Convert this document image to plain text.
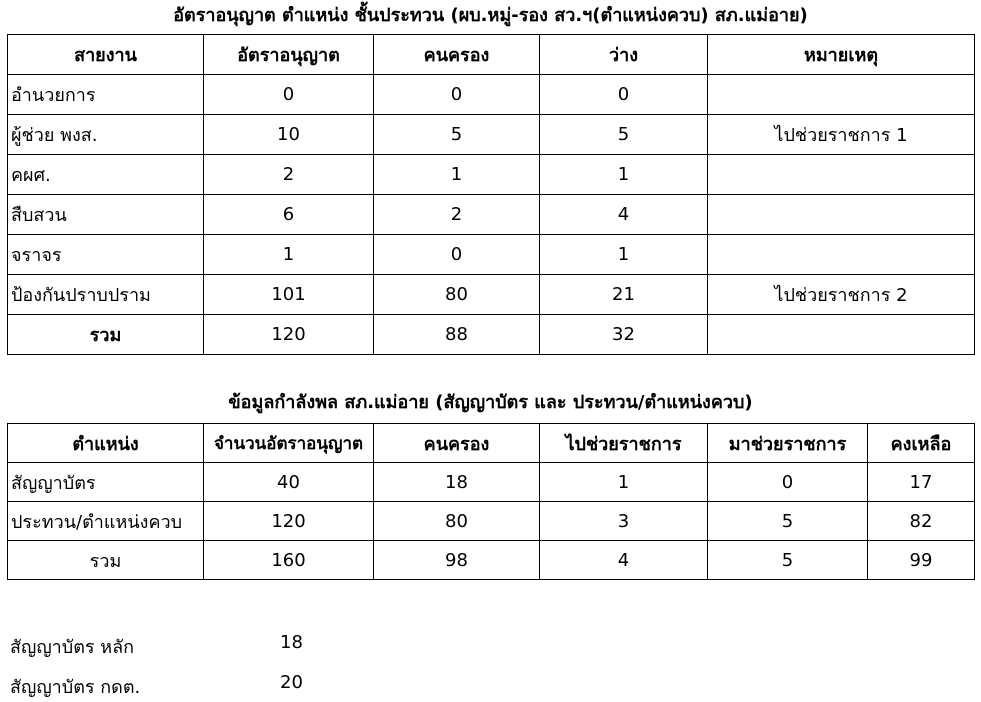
อัตราอนุญาต ตำแหน่ง ชั้นประทวน (ผบ.หมู่-รอง สว.ฯ(ตำแหน่งควบ) สภ.แม่อาย)
สายงาน	อัตราอนุญาต	คนครอง	ว่าง	หมายเหตุ
อำนวยการ	0	0	0	
ผู้ช่วย พงส.	10	5	5	ไปช่วยราชการ 1
คผศ.	2	1	1	
สืบสวน	6	2	4	
จราจร	1	0	1	
ป้องกันปราบปราม	101	80	21	ไปช่วยราชการ 2
รวม	120	88	32	
ข้อมูลกำลังพล สภ.แม่อาย (สัญญาบัตร และ ประทวน/ตำแหน่งควบ)
ตำแหน่ง	จำนวนอัตราอนุญาต	คนครอง	ไปช่วยราชการ	มาช่วยราชการ	คงเหลือ
สัญญาบัตร	40	18	1	0	17
ประทวน/ตำแหน่งควบ	120	80	3	5	82
รวม	160	98	4	5	99
สัญญาบัตร หลัก	18
สัญญาบัตร กดต.	20
